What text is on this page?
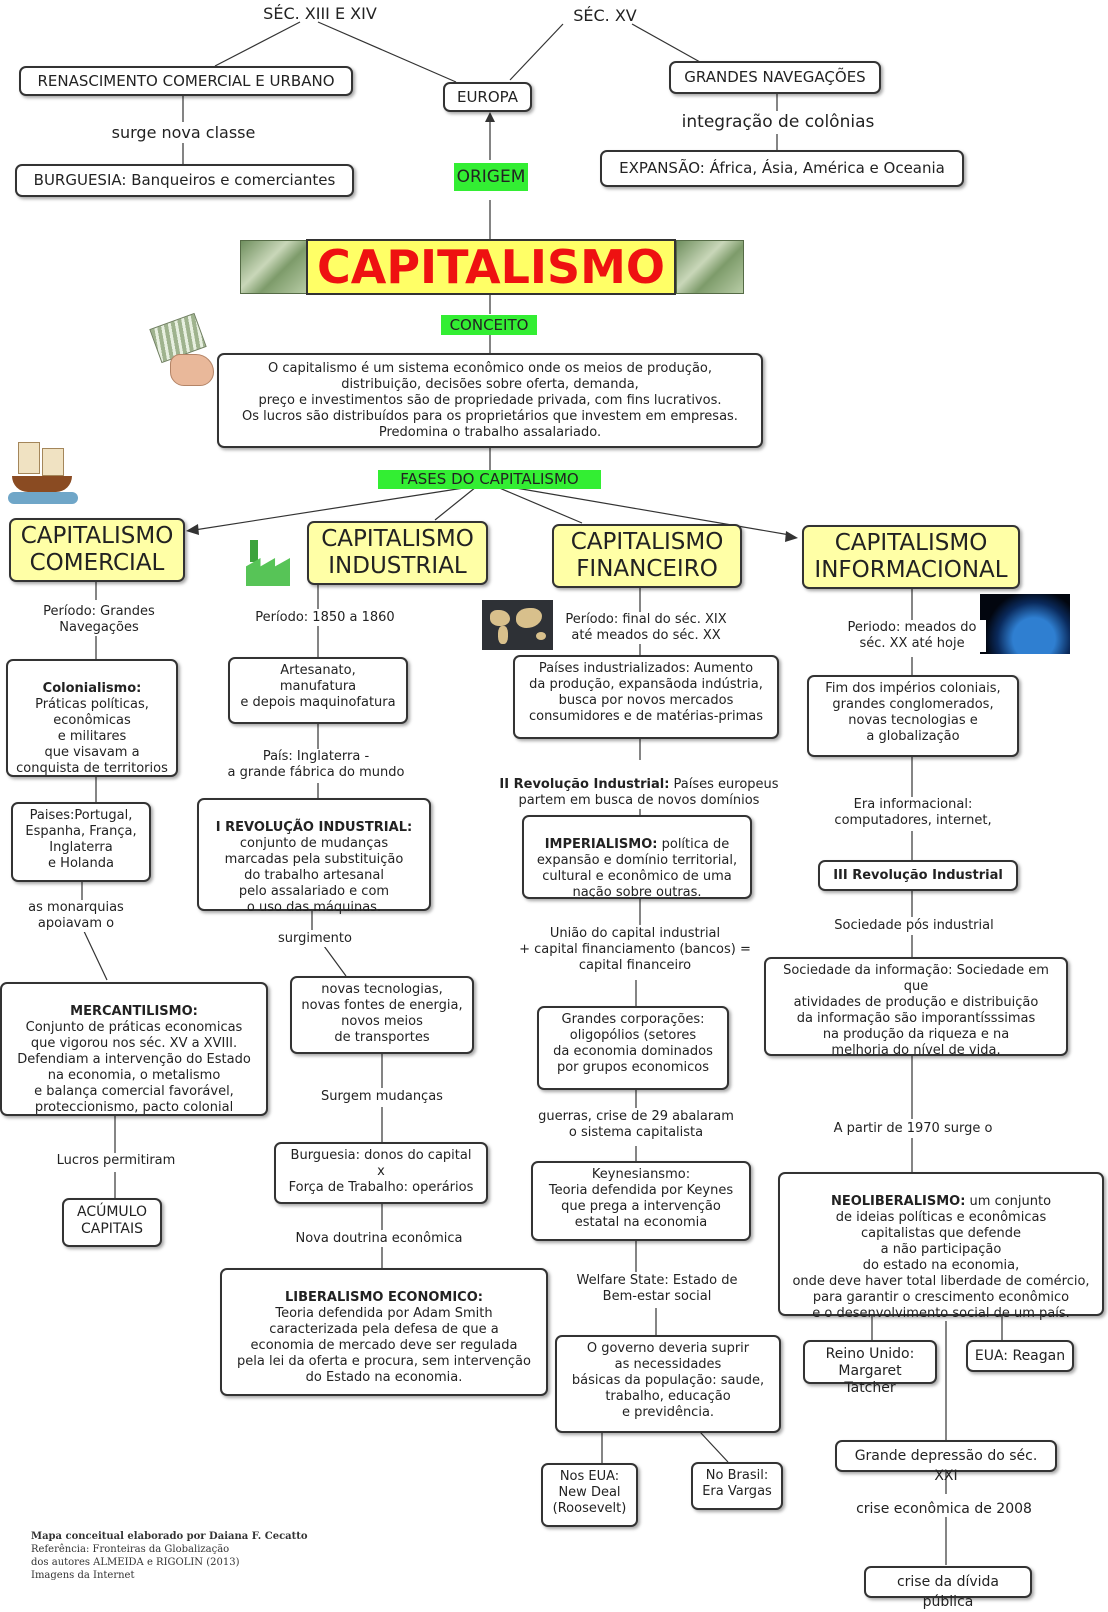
SÉC. XIII E XIV	SÉC. XV
RENASCIMENTO COMERCIAL E URBANO
surge nova classe
BURGUESIA: Banqueiros e comerciantes
EUROPA
ORIGEM
GRANDES NAVEGAÇÕES
integração de colônias
EXPANSÃO: África, Ásia, América e Oceania
CAPITALISMO
CONCEITO
O capitalismo é um sistema econômico onde os meios de produção,
distribuição, decisões sobre oferta, demanda,
preço e investimentos são de propriedade privada, com fins lucrativos.
Os lucros são distribuídos para os proprietários que investem em empresas.
Predomina o trabalho assalariado.
FASES DO CAPITALISMO
CAPITALISMO
COMERCIAL
CAPITALISMO
INDUSTRIAL
CAPITALISMO
FINANCEIRO
CAPITALISMO
INFORMACIONAL
Período: Grandes
Navegações

Colonialismo:

Práticas políticas,
econômicas
e militares
que visavam a
conquista de territorios

Paises:Portugal,
Espanha, França,
Inglaterra
e Holanda
as monarquias
apoiavam o

MERCANTILISMO:

Conjunto de práticas economicas
que vigorou nos séc. XV a XVIII.
Defendiam a intervenção do Estado
na economia, o metalismo
e balança comercial favorável,
proteccionismo, pacto colonial

Lucros permitiram
ACÚMULO
CAPITAIS
Período: 1850 a 1860
Artesanato,
manufatura
e depois maquinofatura
País: Inglaterra -
a grande fábrica do mundo

I REVOLUÇÃO INDUSTRIAL:

conjunto de mudanças
marcadas pela substituição
do trabalho artesanal
pelo assalariado e com
o uso das máquinas.

surgimento
novas tecnologias,
novas fontes de energia,
novos meios
de transportes
Surgem mudanças
Burguesia: donos do capital
x
Força de Trabalho: operários
Nova doutrina econômica

LIBERALISMO ECONOMICO:

Teoria defendida por Adam Smith
caracterizada pela defesa de que a
economia de mercado deve ser regulada
pela lei da oferta e procura, sem intervenção
do Estado na economia.

Período: final do séc. XIX
até meados do séc. XX
Países industrializados: Aumento
da produção, expansãoda indústria,
busca por novos mercados
consumidores e de matérias-primas

II Revolução Industrial: Países europeus
partem em busca de novos domínios

IMPERIALISMO: política de
expansão e domínio territorial,
cultural e econômico de uma
nação sobre outras.

União do capital industrial
+ capital financiamento (bancos) =
capital financeiro
Grandes corporações:
oligopólios (setores
da economia dominados
por grupos economicos
guerras, crise de 29 abalaram
o sistema capitalista
Keynesiansmo:
Teoria defendida por Keynes
que prega a intervenção
estatal na economia
Welfare State: Estado de
Bem-estar social
O governo deveria suprir
as necessidades
básicas da população: saude,
trabalho, educação
e previdência.
Nos EUA:
New Deal
(Roosevelt)
No Brasil:
Era Vargas
Periodo: meados do
séc. XX até hoje
Fim dos impérios coloniais,
grandes conglomerados,
novas tecnologias e
a globalização
Era informacional:
computadores, internet,
III Revolução Industrial
Sociedade pós industrial
Sociedade da informação: Sociedade em que
atividades de produção e distribuição
da informação são imporantísssimas
na produção da riqueza e na
melhoria do nível de vida.
A partir de 1970 surge o

NEOLIBERALISMO: um conjunto
de ideias políticas e econômicas
capitalistas que defende
a não participação
do estado na economia,
onde deve haver total liberdade de comércio,
para garantir o crescimento econômico
e o desenvolvimento social de um país.

Reino Unido:
Margaret Tatcher
EUA: Reagan
Grande depressão do séc. XXI
crise econômica de 2008
crise da dívida pública
Mapa conceitual elaborado por Daiana F. Cecatto
Referência: Fronteiras da Globalização
dos autores ALMEIDA e RIGOLIN (2013)
Imagens da Internet
